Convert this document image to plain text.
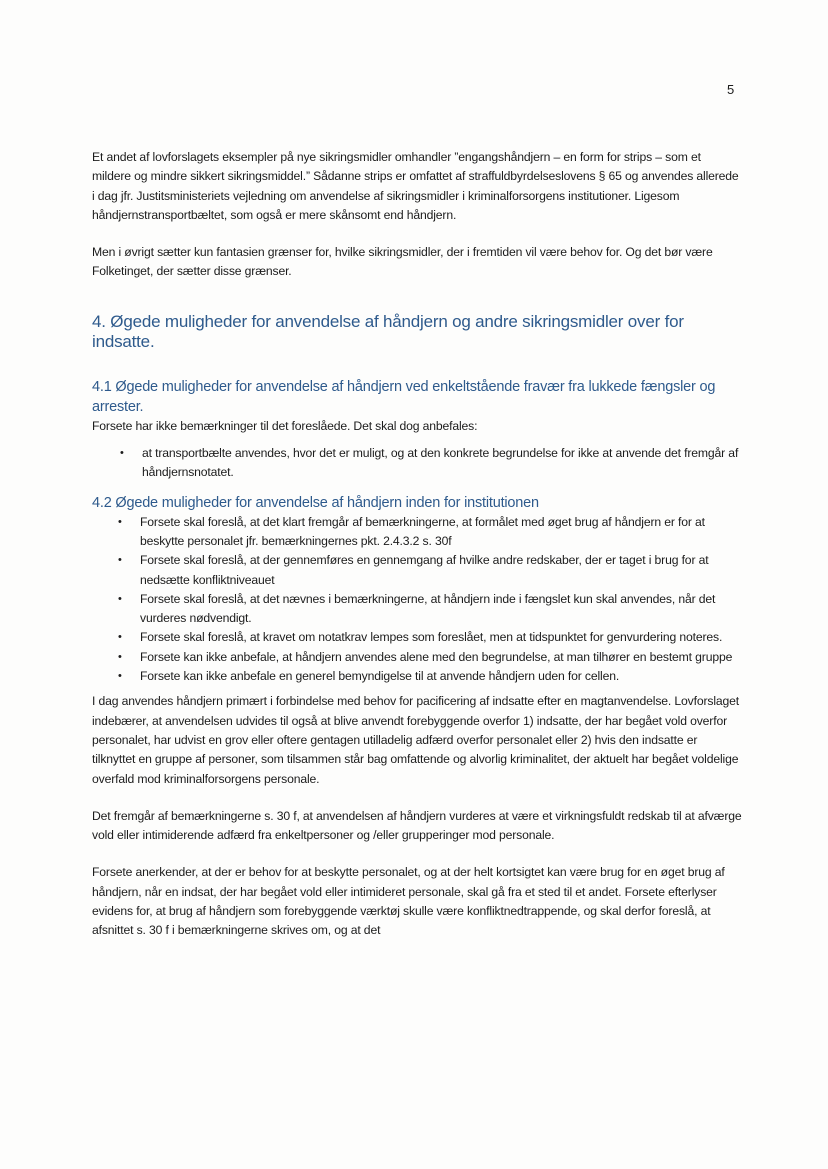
5

Et andet af lovforslagets eksempler på nye sikringsmidler omhandler ”engangshåndjern – en form for strips – som et mildere og mindre sikkert sikringsmiddel.” Sådanne strips er omfattet af straffuldbyrdelseslovens § 65 og anvendes allerede i dag jfr. Justitsministeriets vejledning om anvendelse af sikringsmidler i kriminalforsorgens institutioner. Ligesom håndjernstransportbæltet, som også er mere skånsomt end håndjern.

Men i øvrigt sætter kun fantasien grænser for, hvilke sikringsmidler, der i fremtiden vil være behov for. Og det bør være Folketinget, der sætter disse grænser.

4. Øgede muligheder for anvendelse af håndjern og andre sikringsmidler over for indsatte.
4.1 Øgede muligheder for anvendelse af håndjern ved enkeltstående fravær fra lukkede fængsler og arrester.

Forsete har ikke bemærkninger til det foreslåede. Det skal dog anbefales:

• at transportbælte anvendes, hvor det er muligt, og at den konkrete begrundelse for ikke at anvende det fremgår af håndjernsnotatet.
4.2 Øgede muligheder for anvendelse af håndjern inden for institutionen
• Forsete skal foreslå, at det klart fremgår af bemærkningerne, at formålet med øget brug af håndjern er for at beskytte personalet jfr. bemærkningernes pkt. 2.4.3.2 s. 30f
• Forsete skal foreslå, at der gennemføres en gennemgang af hvilke andre redskaber, der er taget i brug for at nedsætte konfliktniveauet
• Forsete skal foreslå, at det nævnes i bemærkningerne, at håndjern inde i fængslet kun skal anvendes, når det vurderes nødvendigt.
• Forsete skal foreslå, at kravet om notatkrav lempes som foreslået, men at tidspunktet for genvurdering noteres.
• Forsete kan ikke anbefale, at håndjern anvendes alene med den begrundelse, at man tilhører en bestemt gruppe
• Forsete kan ikke anbefale en generel bemyndigelse til at anvende håndjern uden for cellen.

I dag anvendes håndjern primært i forbindelse med behov for pacificering af indsatte efter en magtanvendelse. Lovforslaget indebærer, at anvendelsen udvides til også at blive anvendt forebyggende overfor 1) indsatte, der har begået vold overfor personalet, har udvist en grov eller oftere gentagen utilladelig adfærd overfor personalet eller 2) hvis den indsatte er tilknyttet en gruppe af personer, som tilsammen står bag omfattende og alvorlig kriminalitet, der aktuelt har begået voldelige overfald mod kriminalforsorgens personale.

Det fremgår af bemærkningerne s. 30 f, at anvendelsen af håndjern vurderes at være et virkningsfuldt redskab til at afværge vold eller intimiderende adfærd fra enkeltpersoner og /eller grupperinger mod personale.

Forsete anerkender, at der er behov for at beskytte personalet, og at der helt kortsigtet kan være brug for en øget brug af håndjern, når en indsat, der har begået vold eller intimideret personale, skal gå fra et sted til et andet. Forsete efterlyser evidens for, at brug af håndjern som forebyggende værktøj skulle være konfliktnedtrappende, og skal derfor foreslå, at afsnittet s. 30 f i bemærkningerne skrives om, og at det
